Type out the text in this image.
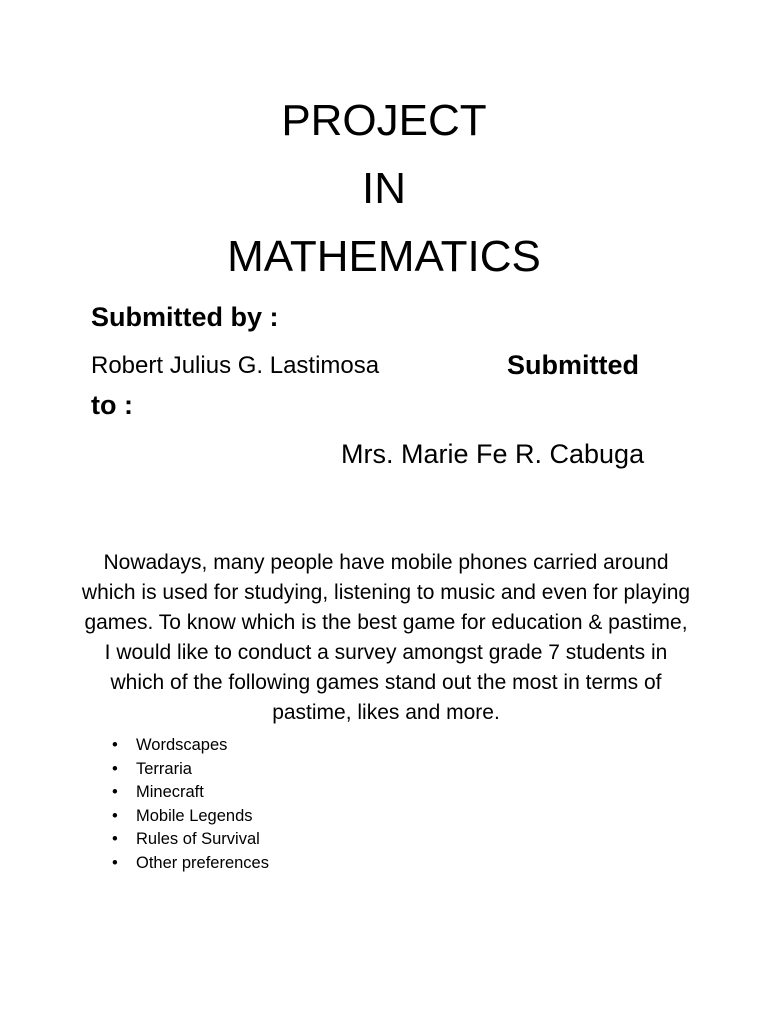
PROJECT
IN
MATHEMATICS
Submitted by :
Robert Julius G. Lastimosa	Submitted
to :
Mrs. Marie Fe R. Cabuga
Nowadays, many people have mobile phones carried around which is used for studying, listening to music and even for playing games. To know which is the best game for education & pastime, I would like to conduct a survey amongst grade 7 students in which of the following games stand out the most in terms of pastime, likes and more.
• Wordscapes
• Terraria
• Minecraft
• Mobile Legends
• Rules of Survival
• Other preferences
